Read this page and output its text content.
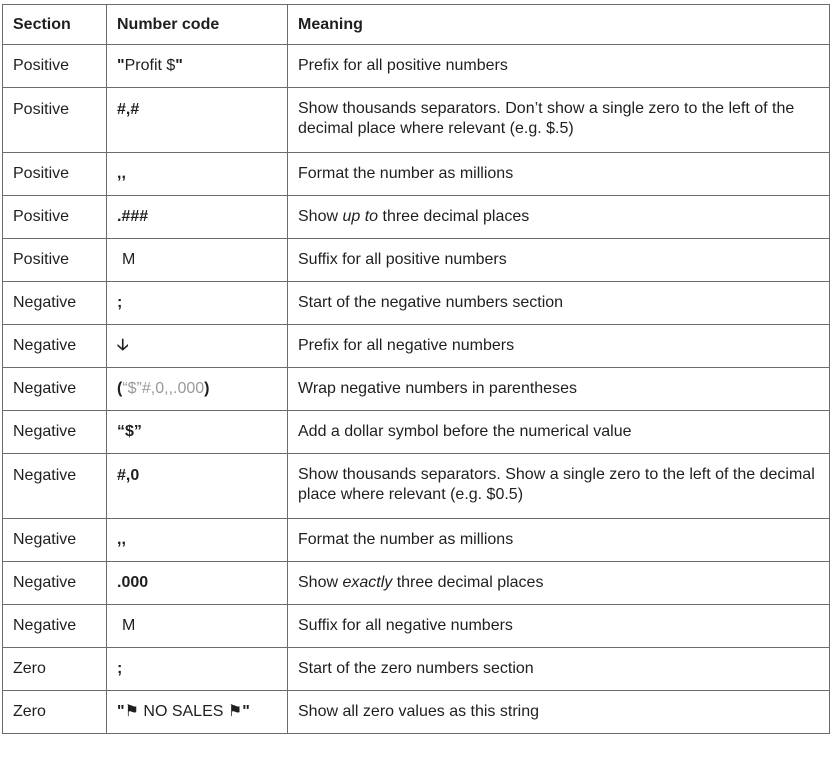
Section	Number code	Meaning
Positive	"Profit $"	Prefix for all positive numbers
Positive	#,#	Show thousands separators. Don’t show a single zero to the left of the decimal place where relevant (e.g. $.5)
Positive	,,	Format the number as millions
Positive	.###	Show up to three decimal places
Positive	M	Suffix for all positive numbers
Negative	;	Start of the negative numbers section
Negative	🡣	Prefix for all negative numbers
Negative	(“$”#,0,,.000)	Wrap negative numbers in parentheses
Negative	“$”	Add a dollar symbol before the numerical value
Negative	#,0	Show thousands separators. Show a single zero to the left of the decimal place where relevant (e.g. $0.5)
Negative	,,	Format the number as millions
Negative	.000	Show exactly three decimal places
Negative	M	Suffix for all negative numbers
Zero	;	Start of the zero numbers section
Zero	"⚑ NO SALES ⚑"	Show all zero values as this string
